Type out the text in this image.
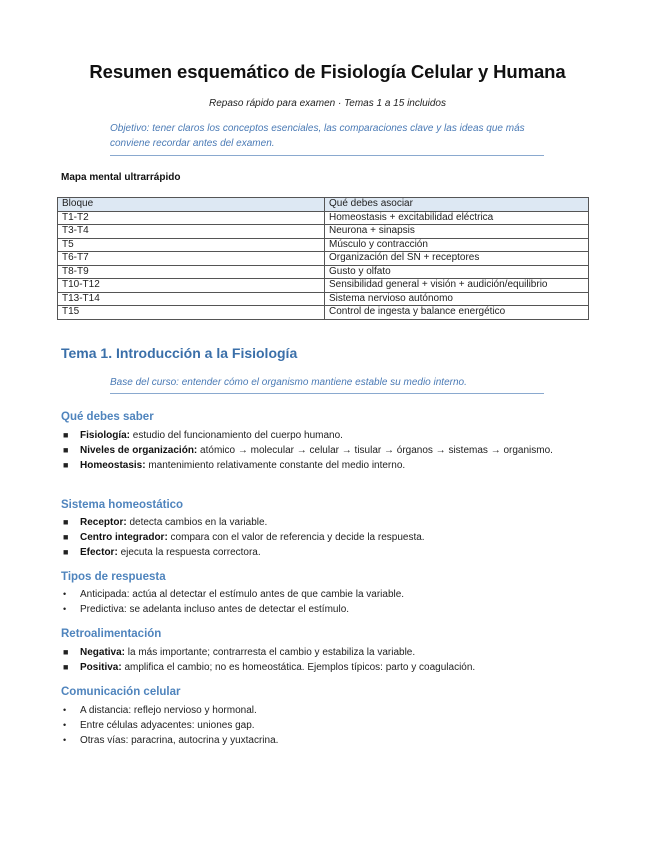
Resumen esquemático de Fisiología Celular y Humana
Repaso rápido para examen · Temas 1 a 15 incluidos
Objetivo: tener claros los conceptos esenciales, las comparaciones clave y las ideas que más conviene recordar antes del examen.
Mapa mental ultrarrápido
Bloque	Qué debes asociar
T1-T2	Homeostasis + excitabilidad eléctrica
T3-T4	Neurona + sinapsis
T5	Músculo y contracción
T6-T7	Organización del SN + receptores
T8-T9	Gusto y olfato
T10-T12	Sensibilidad general + visión + audición/equilibrio
T13-T14	Sistema nervioso autónomo
T15	Control de ingesta y balance energético
Tema 1. Introducción a la Fisiología
Base del curso: entender cómo el organismo mantiene estable su medio interno.
Qué debes saber
■ Fisiología: estudio del funcionamiento del cuerpo humano.
■ Niveles de organización: atómico → molecular → celular → tisular → órganos → sistemas → organismo.
■ Homeostasis: mantenimiento relativamente constante del medio interno.
Sistema homeostático
■ Receptor: detecta cambios en la variable.
■ Centro integrador: compara con el valor de referencia y decide la respuesta.
■ Efector: ejecuta la respuesta correctora.
Tipos de respuesta
• Anticipada: actúa al detectar el estímulo antes de que cambie la variable.
• Predictiva: se adelanta incluso antes de detectar el estímulo.
Retroalimentación
■ Negativa: la más importante; contrarresta el cambio y estabiliza la variable.
■ Positiva: amplifica el cambio; no es homeostática. Ejemplos típicos: parto y coagulación.
Comunicación celular
• A distancia: reflejo nervioso y hormonal.
• Entre células adyacentes: uniones gap.
• Otras vías: paracrina, autocrina y yuxtacrina.
